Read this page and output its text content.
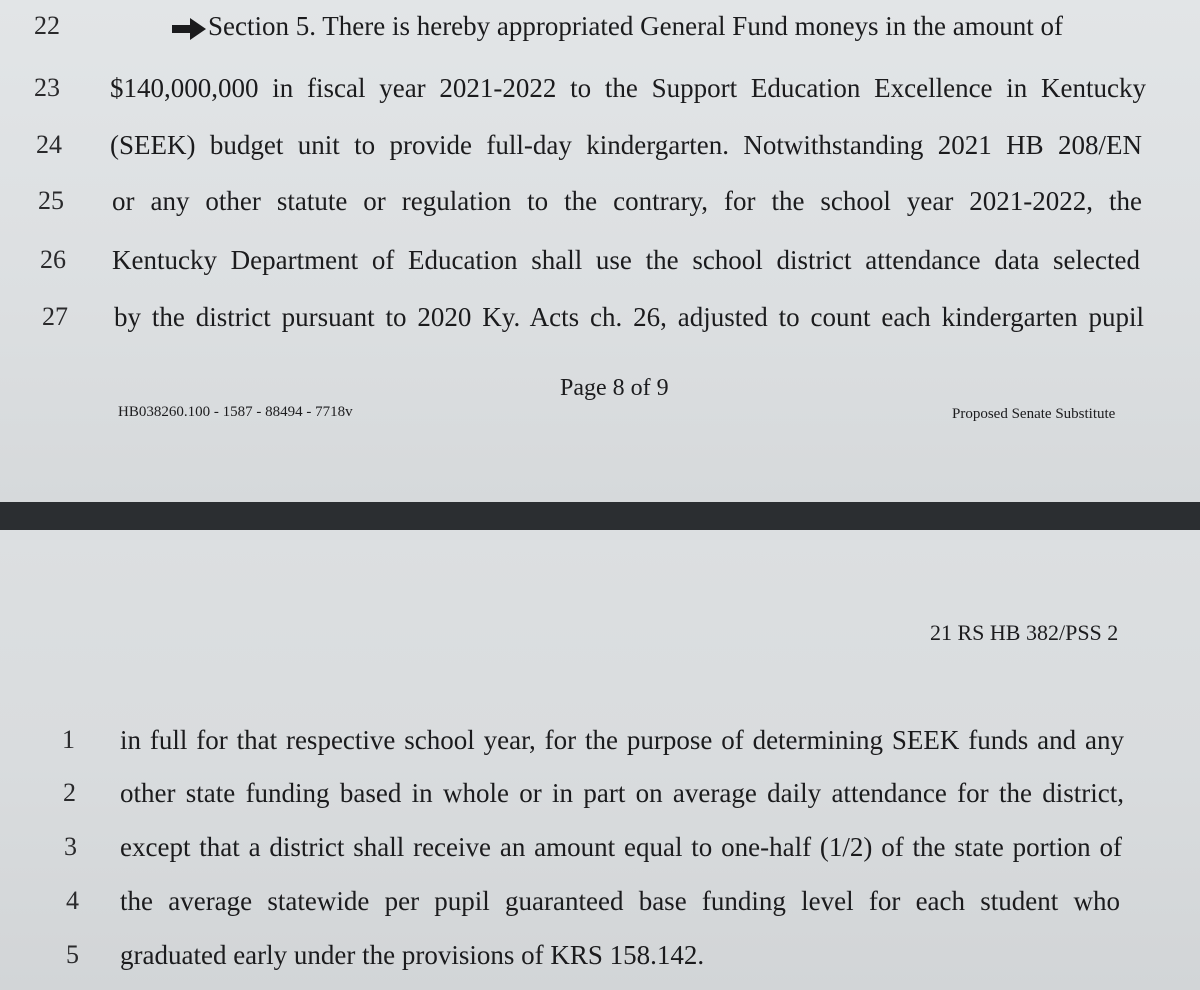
22	Section 5. There is hereby appropriated General Fund moneys in the amount of
23 $140,000,000 in fiscal year 2021-2022 to the Support Education Excellence in Kentucky
24 (SEEK) budget unit to provide full-day kindergarten. Notwithstanding 2021 HB 208/EN
25 or any other statute or regulation to the contrary, for the school year 2021-2022, the
26 Kentucky Department of Education shall use the school district attendance data selected
27 by the district pursuant to 2020 Ky. Acts ch. 26, adjusted to count each kindergarten pupil
Page 8 of 9
HB038260.100 - 1587 - 88494 - 7718v	Proposed Senate Substitute
21 RS HB 382/PSS 2
1 in full for that respective school year, for the purpose of determining SEEK funds and any
2 other state funding based in whole or in part on average daily attendance for the district,
3 except that a district shall receive an amount equal to one-half (1/2) of the state portion of
4 the average statewide per pupil guaranteed base funding level for each student who
5 graduated early under the provisions of KRS 158.142.
